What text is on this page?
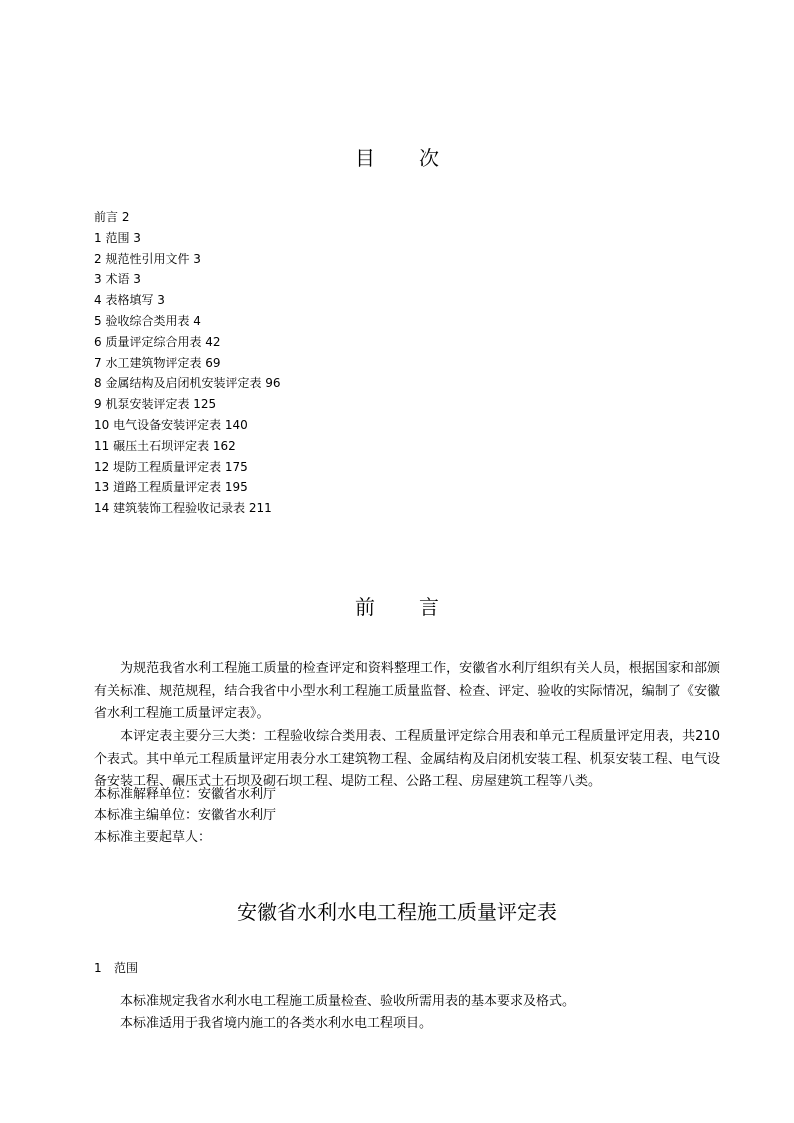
目 次
前言 2
1 范围 3
2 规范性引用文件 3
3 术语 3
4 表格填写 3
5 验收综合类用表 4
6 质量评定综合用表 42
7 水工建筑物评定表 69
8 金属结构及启闭机安装评定表 96
9 机泵安装评定表 125
10 电气设备安装评定表 140
11 碾压土石坝评定表 162
12 堤防工程质量评定表 175
13 道路工程质量评定表 195
14 建筑装饰工程验收记录表 211
前 言

为规范我省水利工程施工质量的检查评定和资料整理工作，安徽省水利厅组织有关人员，根据国家和部颁有关标准、规范规程，结合我省中小型水利工程施工质量监督、检查、评定、验收的实际情况，编制了《安徽省水利工程施工质量评定表》。

本评定表主要分三大类：工程验收综合类用表、工程质量评定综合用表和单元工程质量评定用表，共210个表式。其中单元工程质量评定用表分水工建筑物工程、金属结构及启闭机安装工程、机泵安装工程、电气设备安装工程、碾压式土石坝及砌石坝工程、堤防工程、公路工程、房屋建筑工程等八类。

本标准解释单位：安徽省水利厅
本标准主编单位：安徽省水利厅
本标准主要起草人：
安徽省水利水电工程施工质量评定表
1 范围
本标准规定我省水利水电工程施工质量检查、验收所需用表的基本要求及格式。
本标准适用于我省境内施工的各类水利水电工程项目。
